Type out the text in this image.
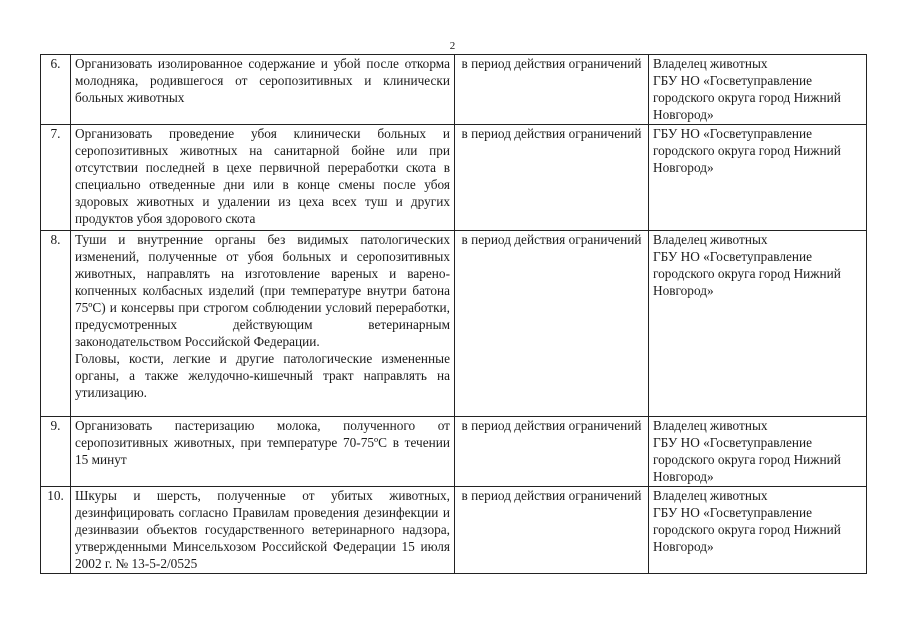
2
6.	Организовать изолированное содержание и убой после откорма молодняка, родившегося от серопозитивных и клинически больных животных	в период действия ограничений	Владелец животных
ГБУ НО «Госветуправление городского округа город Нижний Новгород»

7.	Организовать проведение убоя клинически больных и серопозитивных животных на санитарной бойне или при отсутствии последней в цехе первичной переработки скота в специально отведенные дни или в конце смены после убоя здоровых животных и удалении из цеха всех туш и других продуктов убоя здорового скота	в период действия ограничений	ГБУ НО «Госветуправление городского округа город Нижний Новгород»

8.	Туши и внутренние органы без видимых патологических изменений, полученные от убоя больных и серопозитивных животных, направлять на изготовление вареных и варено-копченных колбасных изделий (при температуре внутри батона 75ºС) и консервы при строгом соблюдении условий переработки, предусмотренных действующим ветеринарным законодательством Российской Федерации.
Головы, кости, легкие и другие патологические измененные органы, а также желудочно-кишечный тракт направлять на утилизацию.	в период действия ограничений	Владелец животных
ГБУ НО «Госветуправление городского округа город Нижний Новгород»

9.	Организовать пастеризацию молока, полученного от серопозитивных животных, при температуре 70-75ºС в течении 15 минут	в период действия ограничений	Владелец животных
ГБУ НО «Госветуправление городского округа город Нижний Новгород»

10.	Шкуры и шерсть, полученные от убитых животных, дезинфицировать согласно Правилам проведения дезинфекции и дезинвазии объектов государственного ветеринарного надзора, утвержденными Минсельхозом Российской Федерации 15 июля 2002 г. № 13-5-2/0525	в период действия ограничений	Владелец животных
ГБУ НО «Госветуправление городского округа город Нижний Новгород»
